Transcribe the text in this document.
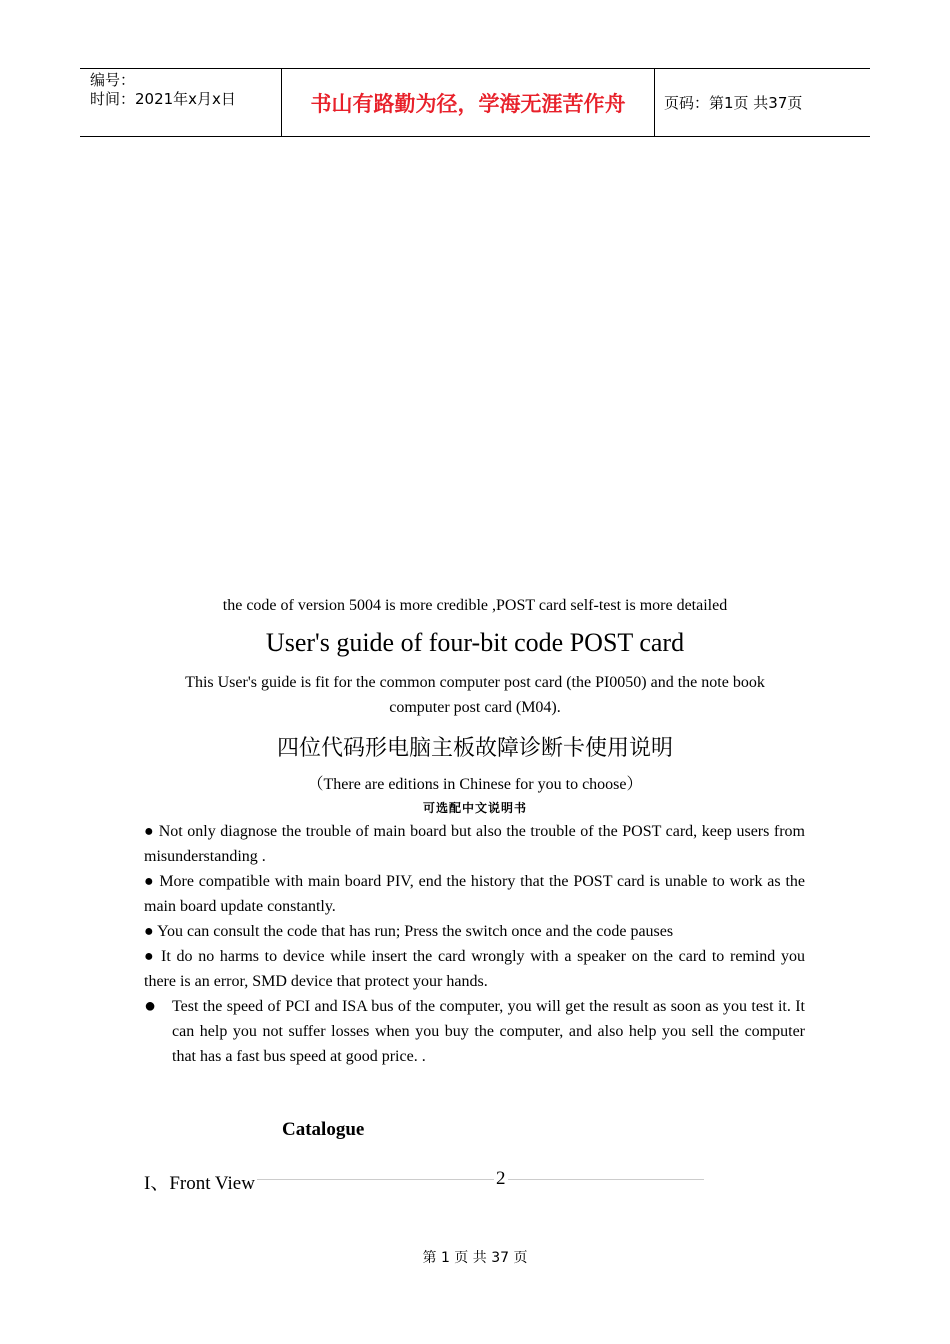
编号：
时间：2021年x月x日	书山有路勤为径，学海无涯苦作舟	页码：第1页 共37页
the code of version 5004 is more credible ,POST card self-test is more detailed
User's guide of four-bit code POST card
This User's guide is fit for the common computer post card (the PI0050) and the note book computer post card (M04).
四位代码形电脑主板故障诊断卡使用说明
（There are editions in Chinese for you to choose）
可选配中文说明书

● Not only diagnose the trouble of main board but also the trouble of the POST card, keep users from misunderstanding .

● More compatible with main board PIV, end the history that the POST card is unable to work as the main board update constantly.

● You can consult the code that has run; Press the switch once and the code pauses

● It do no harms to device while insert the card wrongly with a speaker on the card to remind you there is an error, SMD device that protect your hands.

● Test the speed of PCI and ISA bus of the computer, you will get the result as soon as you test it. It can help you not suffer losses when you buy the computer, and also help you sell the computer that has a fast bus speed at good price. .
Catalogue
I、Front View	2
第 1 页 共 37 页
